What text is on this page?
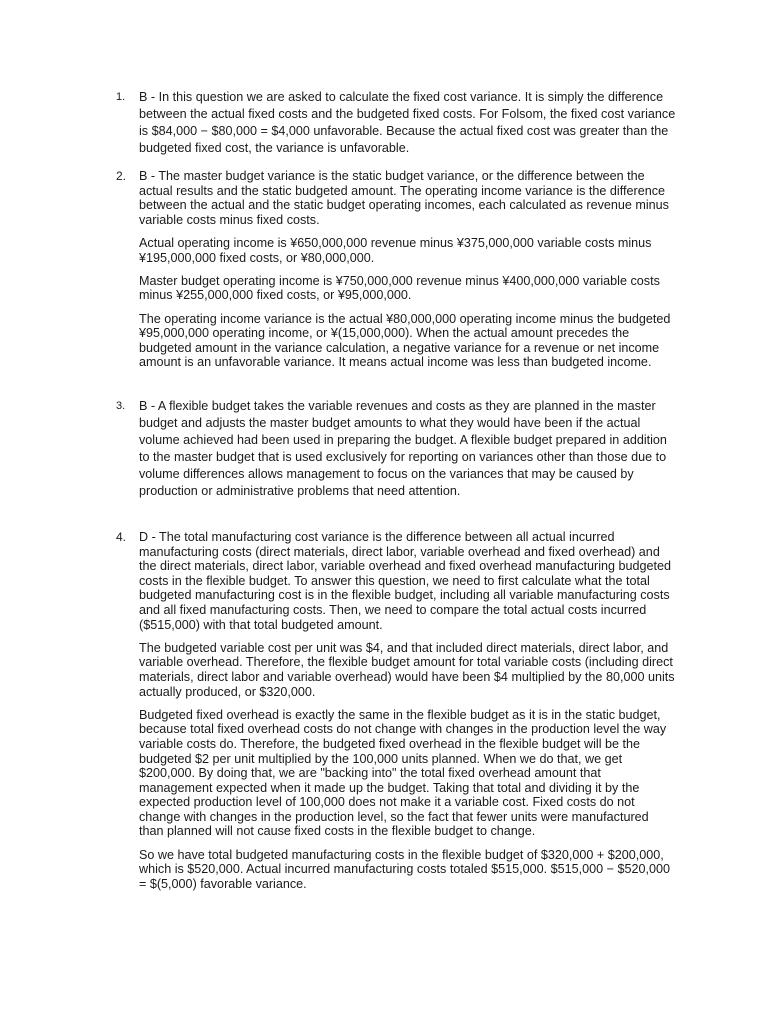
1.	B - In this question we are asked to calculate the fixed cost variance. It is simply the difference between the actual fixed costs and the budgeted fixed costs. For Folsom, the fixed cost variance is $84,000 − $80,000 = $4,000 unfavorable. Because the actual fixed cost was greater than the budgeted fixed cost, the variance is unfavorable.

2.	B - The master budget variance is the static budget variance, or the difference between the actual results and the static budgeted amount. The operating income variance is the difference between the actual and the static budget operating incomes, each calculated as revenue minus variable costs minus fixed costs.

Actual operating income is ¥650,000,000 revenue minus ¥375,000,000 variable costs minus ¥195,000,000 fixed costs, or ¥80,000,000.

Master budget operating income is ¥750,000,000 revenue minus ¥400,000,000 variable costs minus ¥255,000,000 fixed costs, or ¥95,000,000.

The operating income variance is the actual ¥80,000,000 operating income minus the budgeted ¥95,000,000 operating income, or ¥(15,000,000). When the actual amount precedes the budgeted amount in the variance calculation, a negative variance for a revenue or net income amount is an unfavorable variance. It means actual income was less than budgeted income.

3.	B - A flexible budget takes the variable revenues and costs as they are planned in the master budget and adjusts the master budget amounts to what they would have been if the actual volume achieved had been used in preparing the budget. A flexible budget prepared in addition to the master budget that is used exclusively for reporting on variances other than those due to volume differences allows management to focus on the variances that may be caused by production or administrative problems that need attention.

4.	D - The total manufacturing cost variance is the difference between all actual incurred manufacturing costs (direct materials, direct labor, variable overhead and fixed overhead) and the direct materials, direct labor, variable overhead and fixed overhead manufacturing budgeted costs in the flexible budget. To answer this question, we need to first calculate what the total budgeted manufacturing cost is in the flexible budget, including all variable manufacturing costs and all fixed manufacturing costs. Then, we need to compare the total actual costs incurred ($515,000) with that total budgeted amount.

The budgeted variable cost per unit was $4, and that included direct materials, direct labor, and variable overhead. Therefore, the flexible budget amount for total variable costs (including direct materials, direct labor and variable overhead) would have been $4 multiplied by the 80,000 units actually produced, or $320,000.

Budgeted fixed overhead is exactly the same in the flexible budget as it is in the static budget, because total fixed overhead costs do not change with changes in the production level the way variable costs do. Therefore, the budgeted fixed overhead in the flexible budget will be the budgeted $2 per unit multiplied by the 100,000 units planned. When we do that, we get $200,000. By doing that, we are "backing into" the total fixed overhead amount that management expected when it made up the budget. Taking that total and dividing it by the expected production level of 100,000 does not make it a variable cost. Fixed costs do not change with changes in the production level, so the fact that fewer units were manufactured than planned will not cause fixed costs in the flexible budget to change.

So we have total budgeted manufacturing costs in the flexible budget of $320,000 + $200,000, which is $520,000. Actual incurred manufacturing costs totaled $515,000. $515,000 − $520,000 = $(5,000) favorable variance.
